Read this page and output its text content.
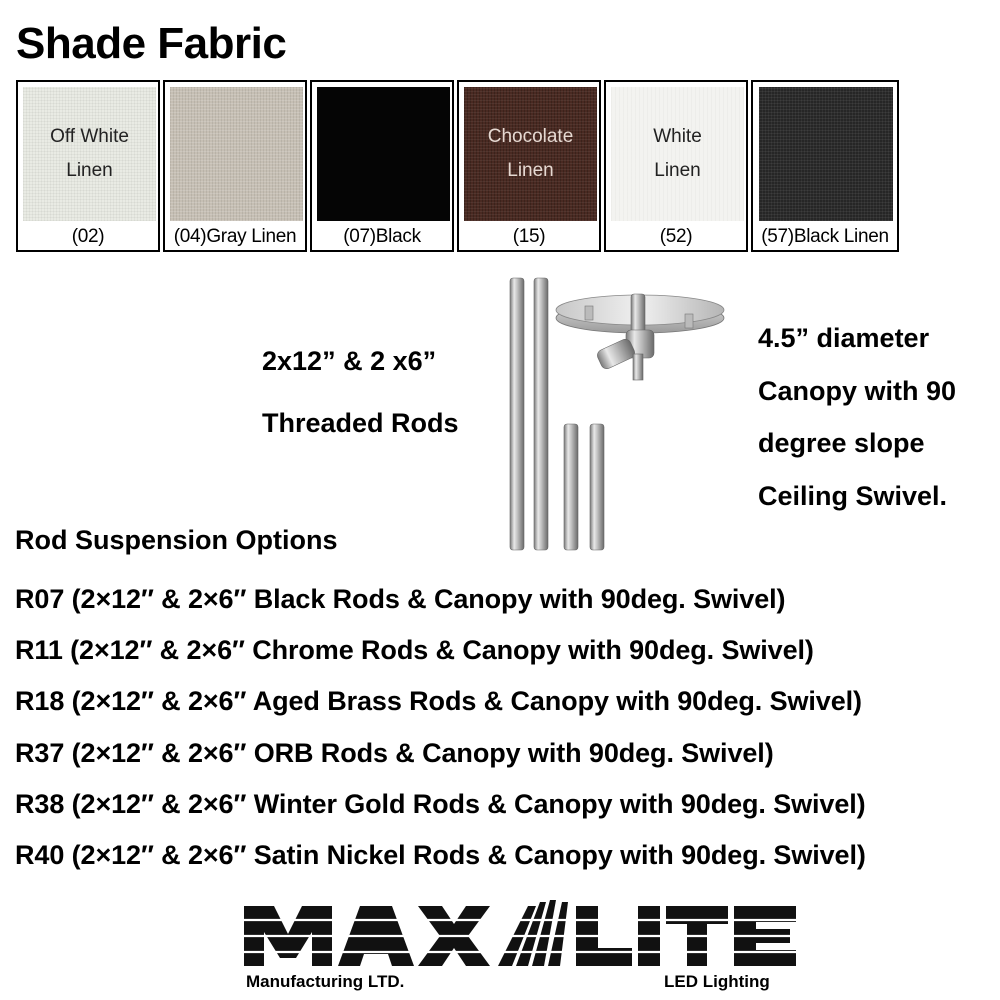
Shade Fabric
Off White
Linen
(02)	(04)Gray Linen	(07)Black
Chocolate
Linen
(15)
White
Linen
(52)	(57)Black Linen
2x12” & 2 x6”
Threaded Rods
4.5” diameter
Canopy with 90
degree slope
Ceiling Swivel.
Rod Suspension Options
R07 (2×12″ & 2×6″ Black Rods & Canopy with 90deg. Swivel)
R11 (2×12″ & 2×6″ Chrome Rods & Canopy with 90deg. Swivel)
R18 (2×12″ & 2×6″ Aged Brass Rods & Canopy with 90deg. Swivel)
R37 (2×12″ & 2×6″ ORB Rods & Canopy with 90deg. Swivel)
R38 (2×12″ & 2×6″ Winter Gold Rods & Canopy with 90deg. Swivel)
R40 (2×12″ & 2×6″ Satin Nickel Rods & Canopy with 90deg. Swivel)
Manufacturing LTD.	LED Lighting
